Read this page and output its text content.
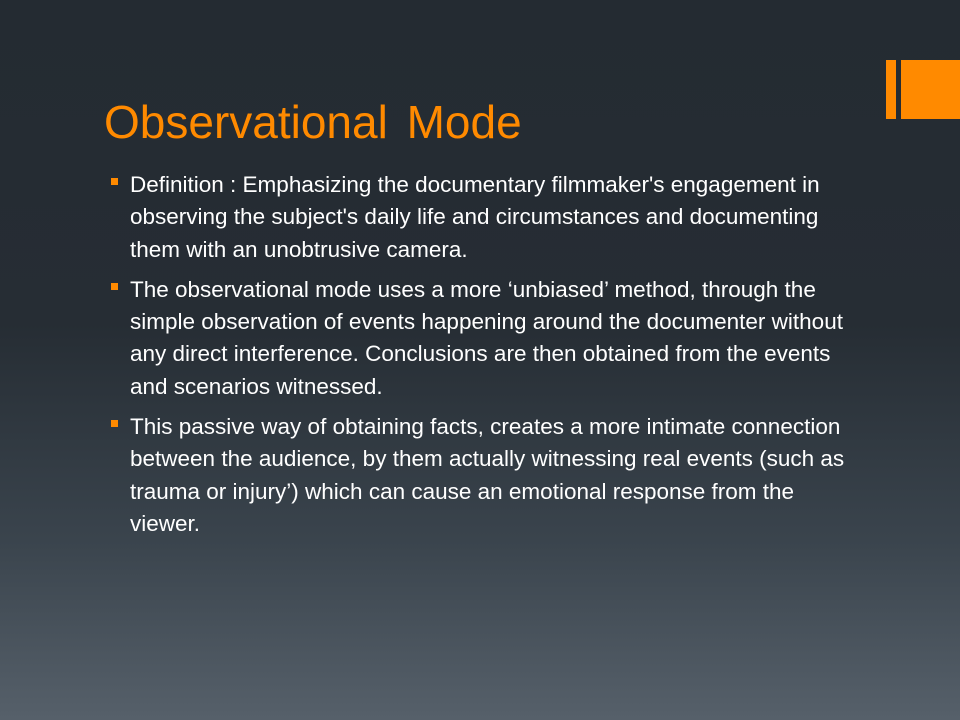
Observational Mode
Definition : Emphasizing the documentary filmmaker's engagement in observing the subject's daily life and circumstances and documenting them with an unobtrusive camera.
The observational mode uses a more ‘unbiased’ method, through the simple observation of events happening around the documenter without any direct interference. Conclusions are then obtained from the events and scenarios witnessed.
This passive way of obtaining facts, creates a more intimate connection between the audience, by them actually witnessing real events (such as trauma or injury’) which can cause an emotional response from the viewer.
